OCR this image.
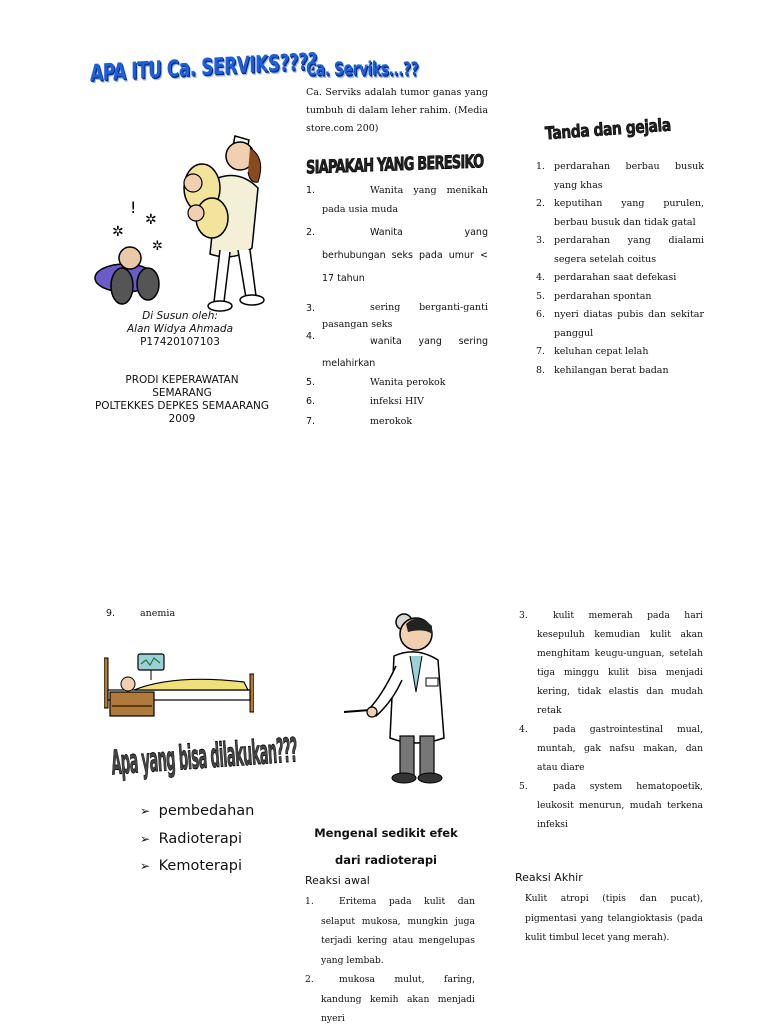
APA ITU Ca. SERVIKS????
!
✲
✲
✲
Di Susun oleh:
Alan Widya Ahmada
P17420107103
PRODI KEPERAWATAN
SEMARANG
POLTEKKES DEPKES SEMAARANG
2009
Ca. Serviks...??
Ca. Serviks adalah tumor ganas yang tumbuh di dalam leher rahim. (Media store.com 200)
SIAPAKAH YANG BERESIKO
1.	Wanita yang menikah pada usia muda
2.	Wanita yang berhubungan seks pada umur < 17 tahun
3.	sering berganti-ganti pasangan seks
4.	wanita yang sering melahirkan
5.	Wanita perokok
6.	infeksi HIV
7.	merokok
Tanda dan gejala
1. perdarahan berbau busuk yang khas
2. keputihan yang purulen, berbau busuk dan tidak gatal
3. perdarahan yang dialami segera setelah coitus
4. perdarahan saat defekasi
5. perdarahan spontan
6. nyeri diatas pubis dan sekitar panggul
7. keluhan cepat lelah
8. kehilangan berat badan
9.	anemia
Apa yang bisa dilakukan???
➢ pembedahan
➢ Radioterapi
➢ Kemoterapi
Mengenal sedikit efek
dari radioterapi
Reaksi awal
1.	Eritema pada kulit dan selaput mukosa, mungkin juga terjadi kering atau mengelupas yang lembab.
2.	mukosa mulut, faring, kandung kemih akan menjadi nyeri
3.	kulit memerah pada hari kesepuluh kemudian kulit akan menghitam keugu-unguan, setelah tiga minggu kulit bisa menjadi kering, tidak elastis dan mudah retak
4.	pada gastrointestinal mual, muntah, gak nafsu makan, dan atau diare
5.	pada system hematopoetik, leukosit menurun, mudah terkena infeksi
Reaksi Akhir
Kulit atropi (tipis dan pucat), pigmentasi yang telangioktasis (pada kulit timbul lecet yang merah).
